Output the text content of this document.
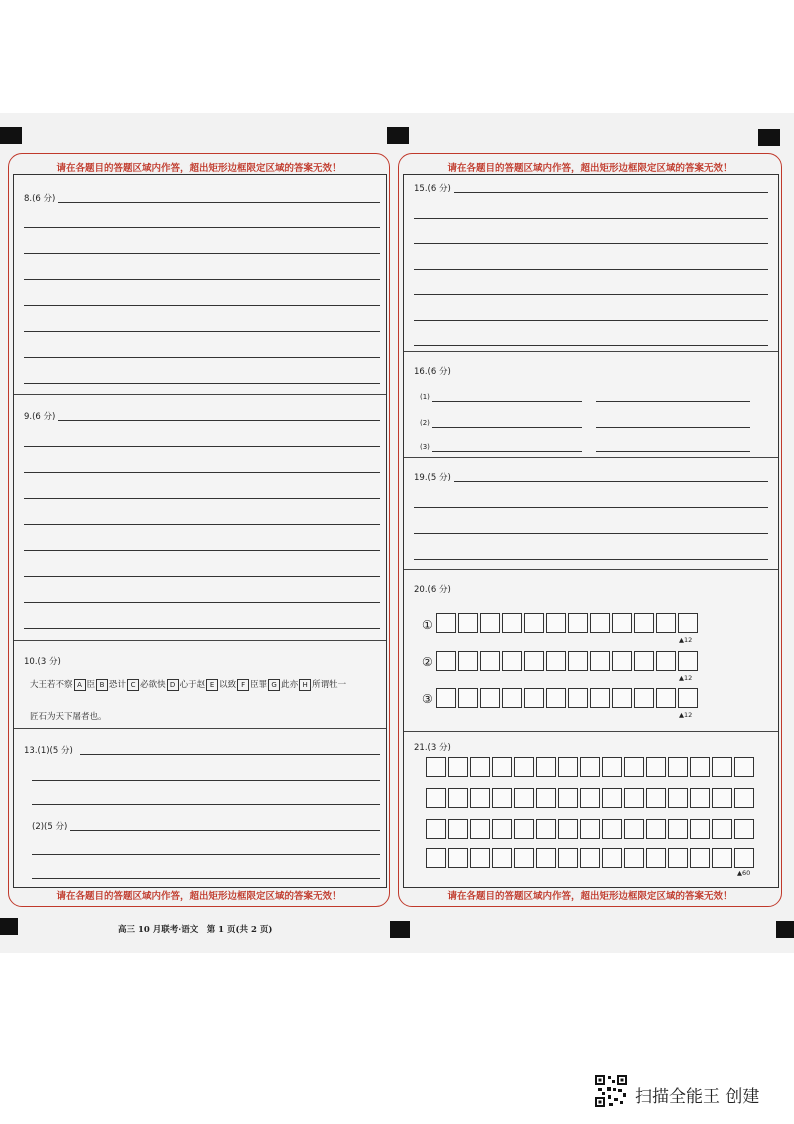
请在各题目的答题区域内作答，超出矩形边框限定区域的答案无效！
请在各题目的答题区域内作答，超出矩形边框限定区域的答案无效！
8.(6 分)
9.(6 分)
10.(3 分)
大王若不察 A 臣 B 恐计 C 必欲快 D 心于赵 E 以致 F 臣罪 G 此亦 H 所谓牡一
匠石为天下屠者也。
13.(1)(5 分)
(2)(5 分)
请在各题目的答题区域内作答，超出矩形边框限定区域的答案无效！
请在各题目的答题区域内作答，超出矩形边框限定区域的答案无效！
15.(6 分)
16.(6 分)
(1)
(2)
(3)
19.(5 分)
20.(6 分)
①
▲12
②
▲12
③
▲12
21.(3 分)
▲60
高三 10 月联考·语文　第 1 页(共 2 页)
扫描全能王 创建
